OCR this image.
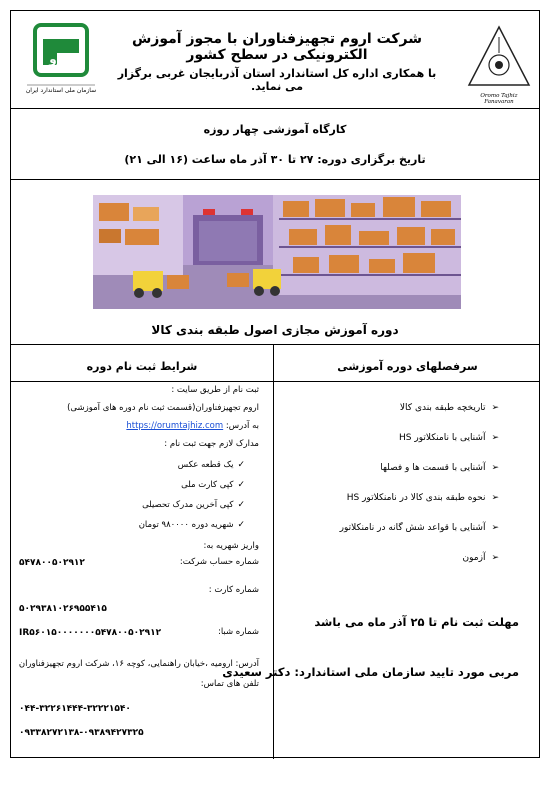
ایزو
سازمان ملی استاندارد ایران
شرکت اروم تجهیزفناوران با مجوز آموزش الکترونیکی در سطح کشور
با همکاری اداره کل استاندارد استان آذربایجان غربی برگزار می نماید.
Oromo Tajhiz Fanavaran
کارگاه آموزشی چهار روزه
تاریخ برگزاری دوره: ۲۷ تا ۳۰ آذر ماه ساعت (۱۶ الی ۲۱)
دوره آموزش مجازی اصول طبقه بندی کالا
شرایط ثبت نام دوره	سرفصلهای دوره آموزشی
ثبت نام از طریق سایت :
اروم تجهیزفناوران(قسمت ثبت نام دوره های آموزشی)
به آدرس: https://orumtajhiz.com
مدارک لازم جهت ثبت نام :
✓یک قطعه عکس
✓کپی کارت ملی
✓کپی آخرین مدرک تحصیلی
✓شهریه دوره ۹۸۰۰۰۰ تومان
واریز شهریه به:
شماره حساب شرکت:
۵۴۷۸۰۰۵۰۲۹۱۲
شماره کارت :
۵۰۲۹۳۸۱۰۲۶۹۵۵۴۱۵
شماره شبا:
IR۵۶۰۱۵۰۰۰۰۰۰۰۵۴۷۸۰۰۵۰۲۹۱۲
آدرس: ارومیه ،خیابان راهنمایی، کوچه ۱۶، شرکت اروم تجهیزفناوران
تلفن های تماس:
۰۴۴-۳۲۲۶۱۴۴۴-۳۲۲۲۱۵۴۰
۰۹۳۳۸۲۷۲۱۳۸-۰۹۳۸۹۴۲۷۳۲۵
➢تاریخچه طبقه بندی کالا
➢آشنایی با نامنکلاتور HS
➢آشنایی با قسمت ها و فصلها
➢نحوه طبقه بندی کالا در نامنکلاتور HS
➢آشنایی با قواعد شش گانه در نامنکلاتور
➢آزمون
مهلت ثبت نام تا ۲۵ آذر ماه می باشد
مربی مورد تایید سازمان ملی استاندارد: دکتر سعیدی
